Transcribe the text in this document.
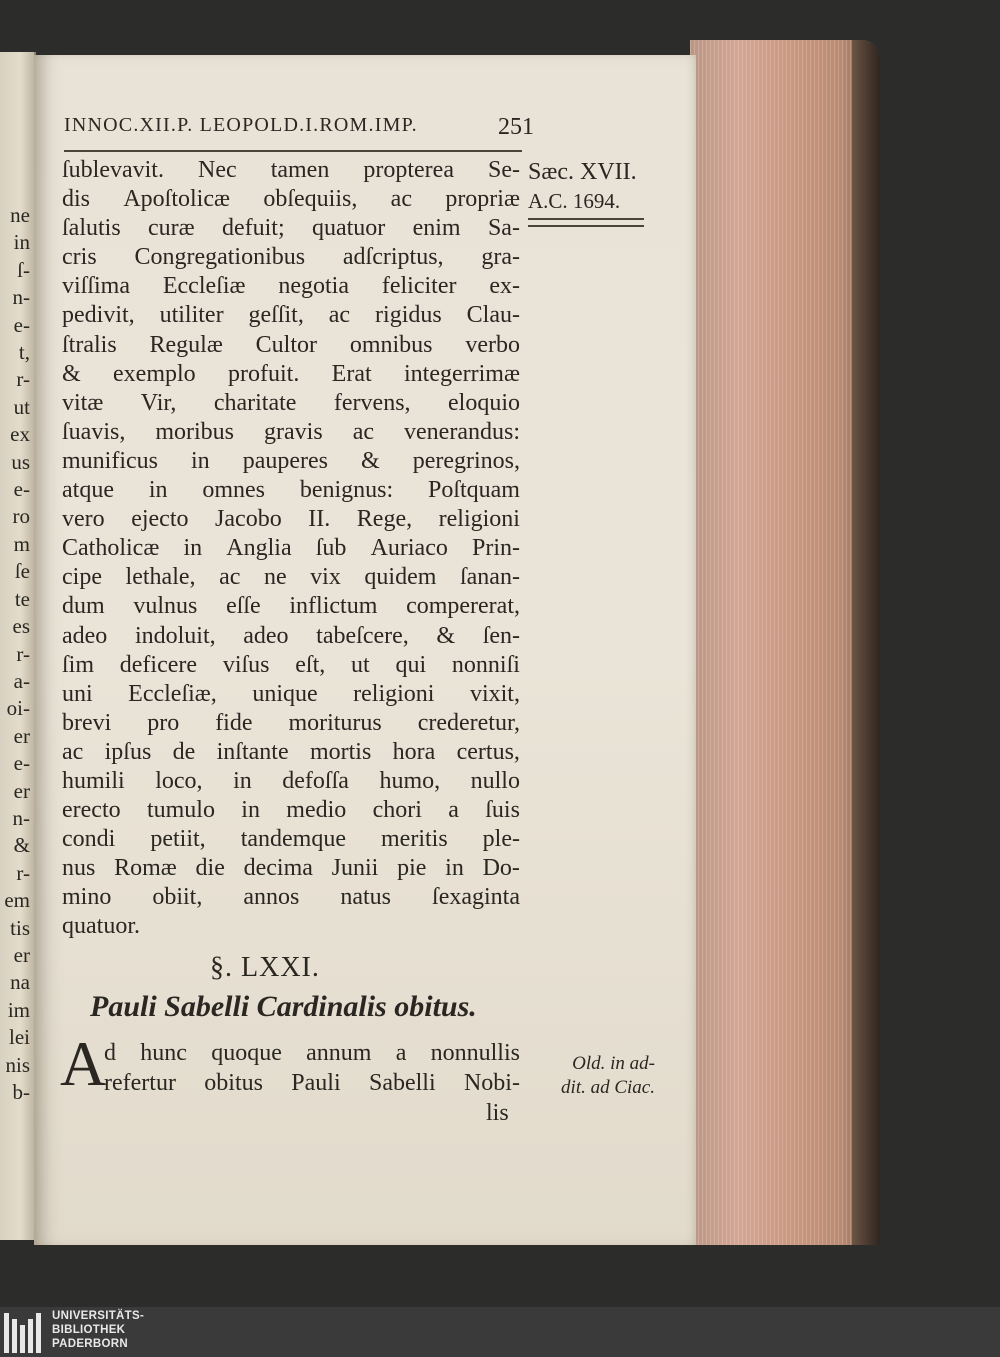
ne
in
ſ-
n-
e-
t,
r-
ut
ex
us
e-
ro
m
ſe
te
es
r-
a-
oi-
er
e-
er
n-
&
r-
em
tis
er
na
im
lei
nis
b-
INNOC.XII.P. LEOPOLD.I.ROM.IMP.	251
Sæc. XVII.
A.C. 1694.
ſublevavit. Nec tamen propterea Se-
dis Apoſtolicæ obſequiis, ac propriæ
ſalutis curæ defuit; quatuor enim Sa-
cris Congregationibus adſcriptus, gra-
viſſima Eccleſiæ negotia feliciter ex-
pedivit, utiliter geſſit, ac rigidus Clau-
ſtralis Regulæ Cultor omnibus verbo
& exemplo profuit. Erat integerrimæ
vitæ Vir, charitate fervens, eloquio
ſuavis, moribus gravis ac venerandus:
munificus in pauperes & peregrinos,
atque in omnes benignus: Poſtquam
vero ejecto Jacobo II. Rege, religioni
Catholicæ in Anglia ſub Auriaco Prin-
cipe lethale, ac ne vix quidem ſanan-
dum vulnus eſſe inflictum compererat,
adeo indoluit, adeo tabeſcere, & ſen-
ſim deficere viſus eſt, ut qui nonniſi
uni Eccleſiæ, unique religioni vixit,
brevi pro fide moriturus crederetur,
ac ipſus de inſtante mortis hora certus,
humili loco, in defoſſa humo, nullo
erecto tumulo in medio chori a ſuis
condi petiit, tandemque meritis ple-
nus Romæ die decima Junii pie in Do-
mino obiit, annos natus ſexaginta
quatuor.
§. LXXI.
Pauli Sabelli Cardinalis obitus.
A
d hunc quoque annum a nonnullis
refertur obitus Pauli Sabelli Nobi-
lis
Old. in ad-
dit. ad Ciac.
UNIVERSITÄTS-
BIBLIOTHEK
PADERBORN
